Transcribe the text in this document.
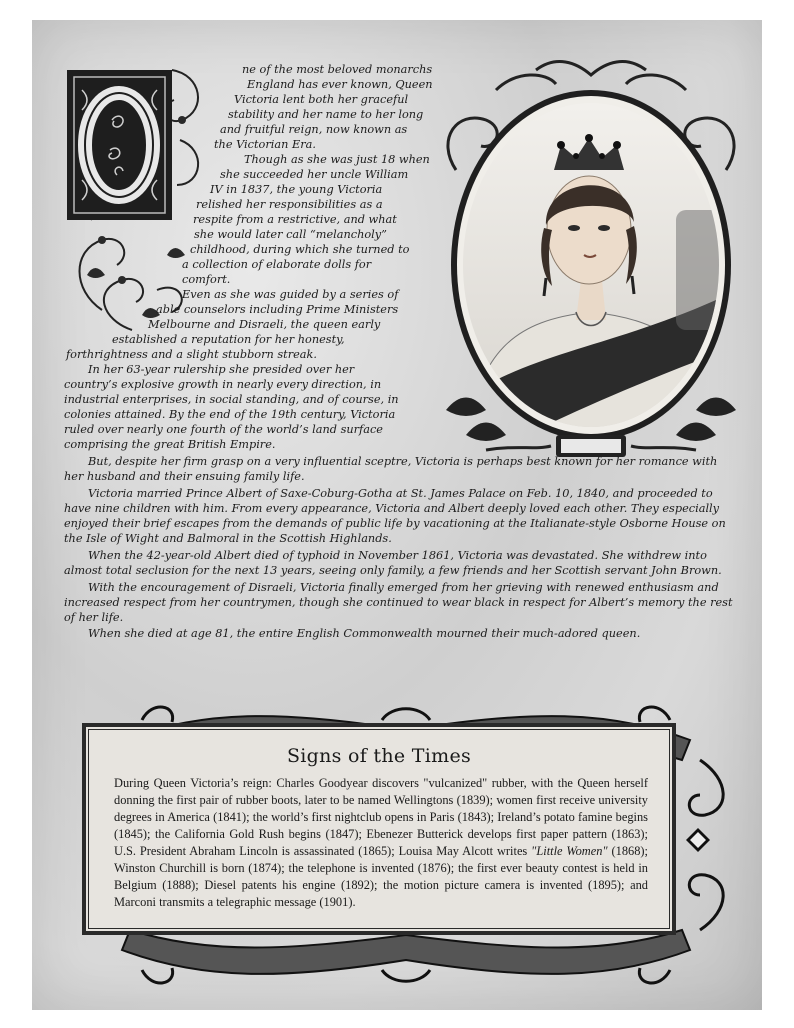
ne of the most beloved monarchs
England has ever known, Queen
Victoria lent both her graceful
stability and her name to her long
and fruitful reign, now known as
the Victorian Era.
Though as she was just 18 when
she succeeded her uncle William
IV in 1837, the young Victoria
relished her responsibilities as a
respite from a restrictive, and what
she would later call “melancholy”
childhood, during which she turned to
a collection of elaborate dolls for
comfort.
Even as she was guided by a series of
able counselors including Prime Ministers
Melbourne and Disraeli, the queen early
established a reputation for her honesty,
forthrightness and a slight stubborn streak.
In her 63-year rulership she presided over her
country’s explosive growth in nearly every direction, in
industrial enterprises, in social standing, and of course, in
colonies attained. By the end of the 19th century, Victoria
ruled over nearly one fourth of the world’s land surface
comprising the great British Empire.

But, despite her firm grasp on a very influential sceptre, Victoria is perhaps best known for her romance with her husband and their ensuing family life.

Victoria married Prince Albert of Saxe-Coburg-Gotha at St. James Palace on Feb. 10, 1840, and proceeded to have nine children with him. From every appearance, Victoria and Albert deeply loved each other. They especially enjoyed their brief escapes from the demands of public life by vacationing at the Italianate-style Osborne House on the Isle of Wight and Balmoral in the Scottish Highlands.

When the 42-year-old Albert died of typhoid in November 1861, Victoria was devastated. She withdrew into almost total seclusion for the next 13 years, seeing only family, a few friends and her Scottish servant John Brown.

With the encouragement of Disraeli, Victoria finally emerged from her grieving with renewed enthusiasm and increased respect from her countrymen, though she continued to wear black in respect for Albert’s memory the rest of her life.

When she died at age 81, the entire English Commonwealth mourned their much-adored queen.

Signs of the Times
During Queen Victoria’s reign: Charles Goodyear discovers "vulcanized" rubber, with the Queen herself donning the first pair of rubber boots, later to be named Wellingtons (1839); women first receive university degrees in America (1841); the world’s first nightclub opens in Paris (1843); Ireland’s potato famine begins (1845); the California Gold Rush begins (1847); Ebenezer Butterick develops first paper pattern (1863); U.S. President Abraham Lincoln is assassinated (1865); Louisa May Alcott writes "Little Women" (1868); Winston Churchill is born (1874); the telephone is invented (1876); the first ever beauty contest is held in Belgium (1888); Diesel patents his engine (1892); the motion picture camera is invented (1895); and Marconi transmits a telegraphic message (1901).
